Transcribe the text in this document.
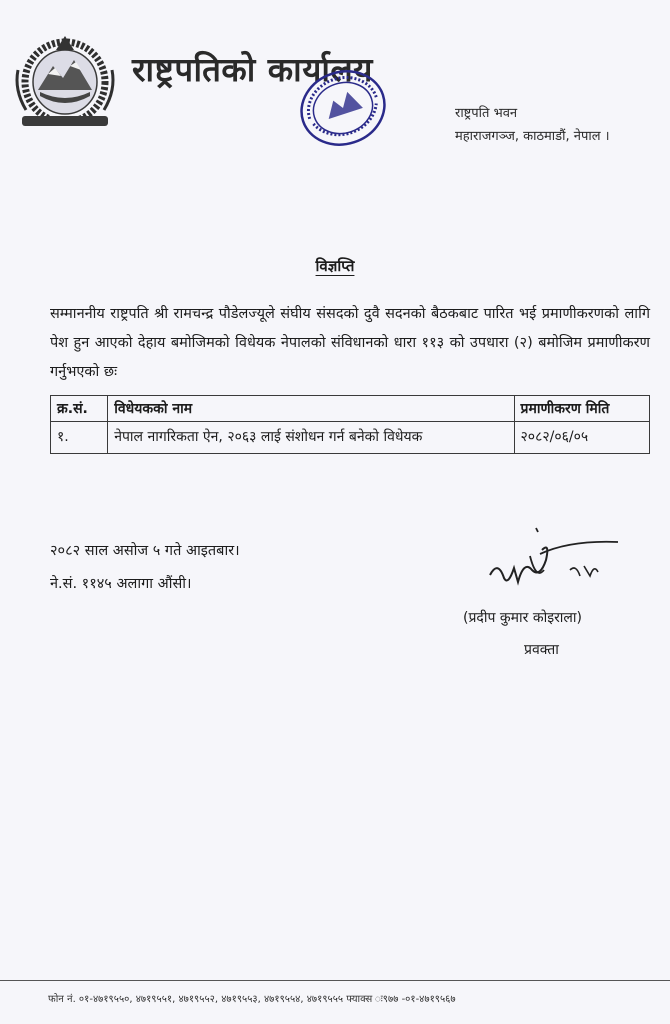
राष्ट्रपतिको कार्यालय
राष्ट्रपति भवन
महाराजगञ्ज, काठमाडौं, नेपाल ।
विज्ञप्ति
सम्माननीय राष्ट्रपति श्री रामचन्द्र पौडेलज्यूले संघीय संसदको दुवै सदनको बैठकबाट पारित भई प्रमाणीकरणको लागि पेश हुन आएको देहाय बमोजिमको विधेयक नेपालको संविधानको धारा ११३ को उपधारा (२) बमोजिम प्रमाणीकरण गर्नुभएको छः
क्र.सं.	विधेयकको नाम	प्रमाणीकरण मिति
१.	नेपाल नागरिकता ऐन, २०६३ लाई संशोधन गर्न बनेको विधेयक	२०८२/०६/०५
२०८२ साल असोज ५ गते आइतबार।
ने.सं. ११४५ अलागा औंसी।
(प्रदीप कुमार कोइराला)
प्रवक्ता
फोन नं. ०१-४७१९५५०, ४७१९५५१, ४७१९५५२, ४७१९५५३, ४७१९५५४, ४७१९५५५ फ्याक्स ः९७७ -०१-४७१९५६७
